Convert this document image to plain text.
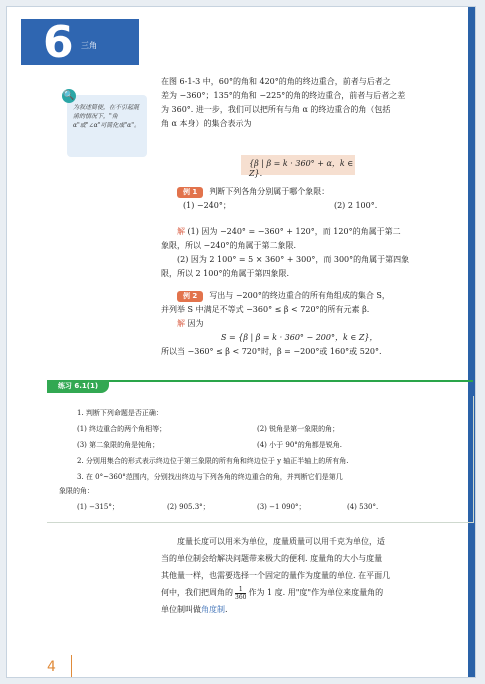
6 三角
🔍
为叙述简便，在不引起混淆的情况下，"角α"或"∠α"可简化成"α"。
在图 6-1-3 中，60°的角和 420°的角的终边重合，前者与后者之
差为 −360°；135°的角和 −225°的角的终边重合，前者与后者之差
为 360°. 进一步，我们可以把所有与角 α 的终边重合的角（包括
角 α 本身）的集合表示为
{β | β = k · 360° + α，k ∈ Z}.
例 1 判断下列各角分别属于哪个象限：
(1) −240°；	(2) 2 100°.
解 (1) 因为 −240° = −360° + 120°，而 120°的角属于第二
象限，所以 −240°的角属于第二象限.
(2) 因为 2 100° = 5 × 360° + 300°，而 300°的角属于第四象
限，所以 2 100°的角属于第四象限.
例 2 写出与 −200°的终边重合的所有角组成的集合 S，
并列举 S 中满足不等式 −360° ≤ β < 720°的所有元素 β.
解 因为
S = {β | β = k · 360° − 200°，k ∈ Z}，
所以当 −360° ≤ β < 720°时，β = −200°或 160°或 520°.
练习 6.1(1)
1. 判断下列命题是否正确：
(1) 终边重合的两个角相等；	(2) 锐角是第一象限的角；
(3) 第二象限的角是钝角；	(4) 小于 90°的角都是锐角.
2. 分别用集合的形式表示终边位于第三象限的所有角和终边位于 y 轴正半轴上的所有角.
3. 在 0°~360°范围内，分别找出终边与下列各角的终边重合的角，并判断它们是第几
象限的角：
(1) −315°；	(2) 905.3°；	(3) −1 090°；	(4) 530°.
度量长度可以用米为单位，度量质量可以用千克为单位，适
当的单位制会给解决问题带来极大的便利. 度量角的大小与度量
其他量一样，也需要选择一个固定的量作为度量的单位. 在平面几
何中，我们把周角的 $\frac{1}{360}$ 作为 1 度. 用"度"作为单位来度量角的
单位制叫做角度制.
4
